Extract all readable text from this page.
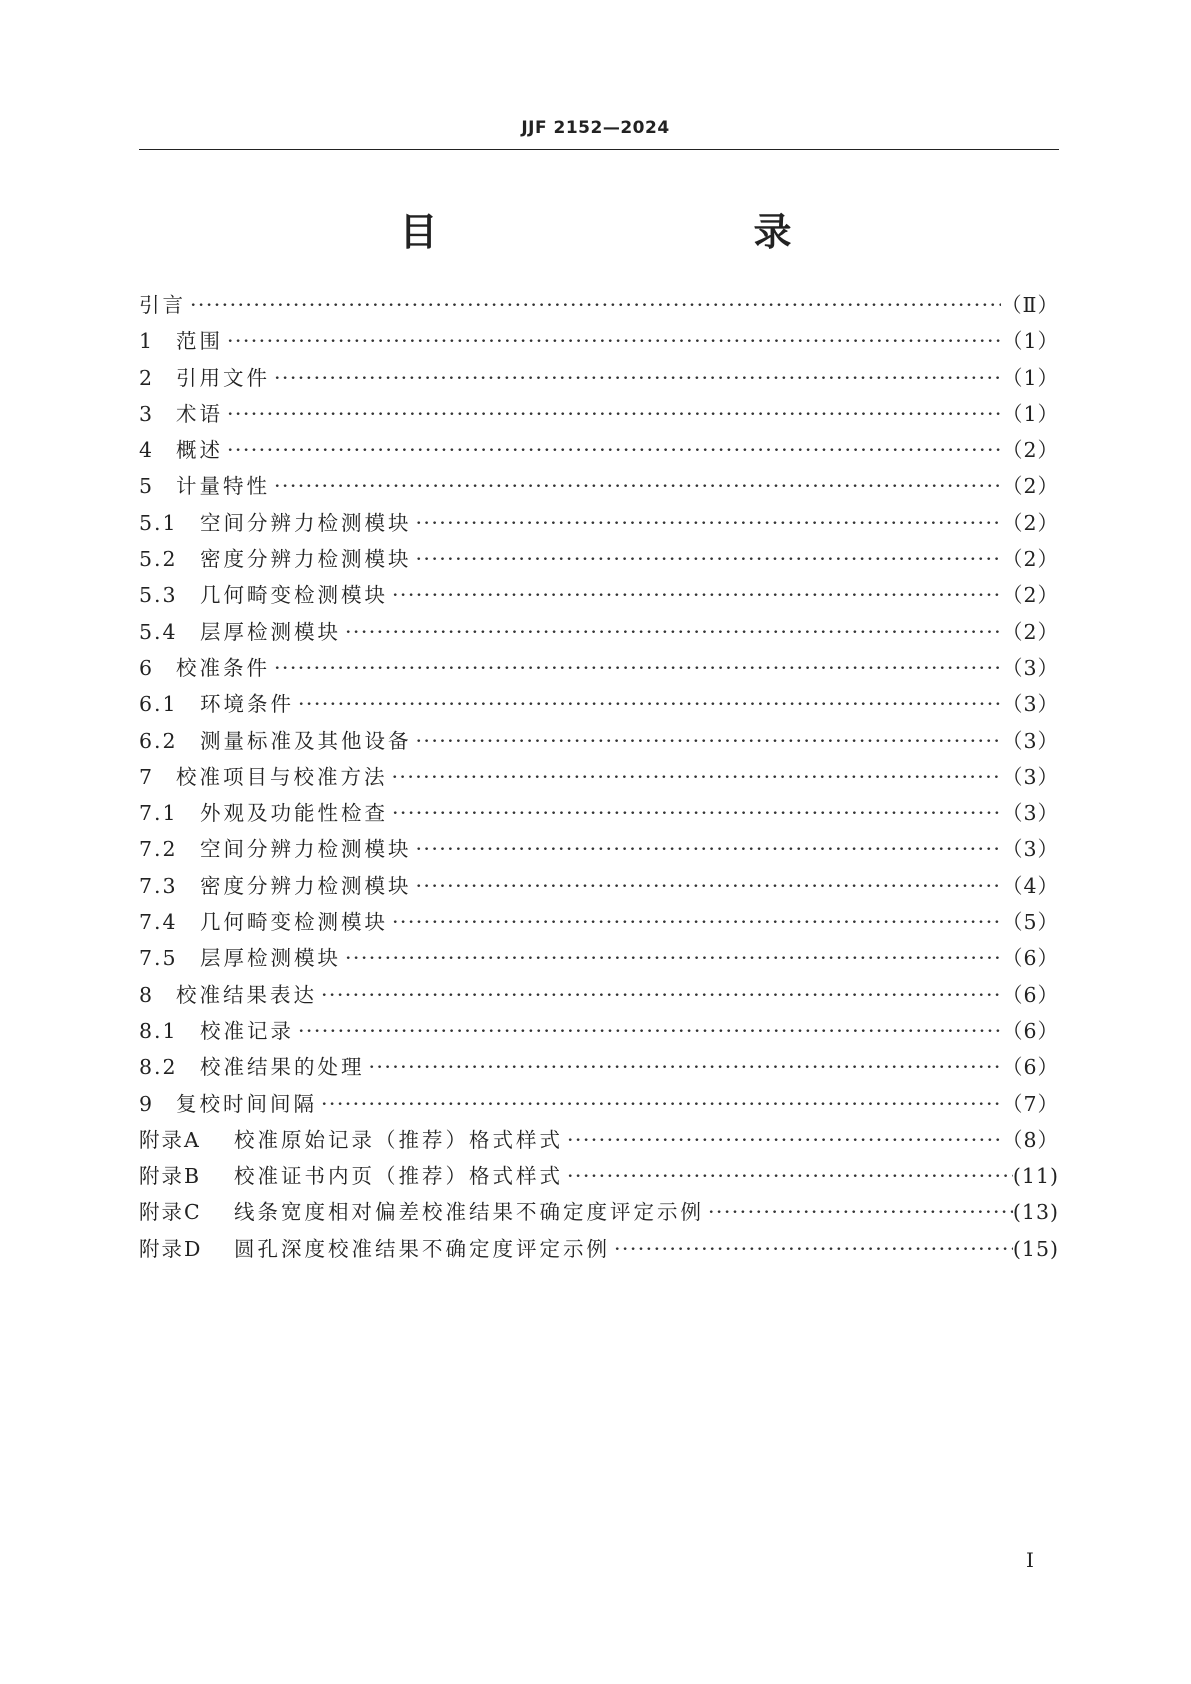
JJF 2152—2024
目　　录
引言 ·····	（Ⅱ）
1	范围 ·····	（1）
2	引用文件 ·····	（1）
3	术语 ·····	（1）
4	概述 ·····	（2）
5	计量特性 ·····	（2）
5.1	空间分辨力检测模块 ·····	（2）
5.2	密度分辨力检测模块 ·····	（2）
5.3	几何畸变检测模块 ·····	（2）
5.4	层厚检测模块 ·····	（2）
6	校准条件 ·····	（3）
6.1	环境条件 ·····	（3）
6.2	测量标准及其他设备 ·····	（3）
7	校准项目与校准方法 ·····	（3）
7.1	外观及功能性检查 ·····	（3）
7.2	空间分辨力检测模块 ·····	（3）
7.3	密度分辨力检测模块 ·····	（4）
7.4	几何畸变检测模块 ·····	（5）
7.5	层厚检测模块 ·····	（6）
8	校准结果表达 ·····	（6）
8.1	校准记录 ·····	（6）
8.2	校准结果的处理 ·····	（6）
9	复校时间间隔 ·····	（7）
附录A	校准原始记录（推荐）格式样式 ·····	（8）
附录B	校准证书内页（推荐）格式样式 ·····	(11)
附录C	线条宽度相对偏差校准结果不确定度评定示例 ·····	(13)
附录D	圆孔深度校准结果不确定度评定示例 ·····	(15)
Ⅰ
